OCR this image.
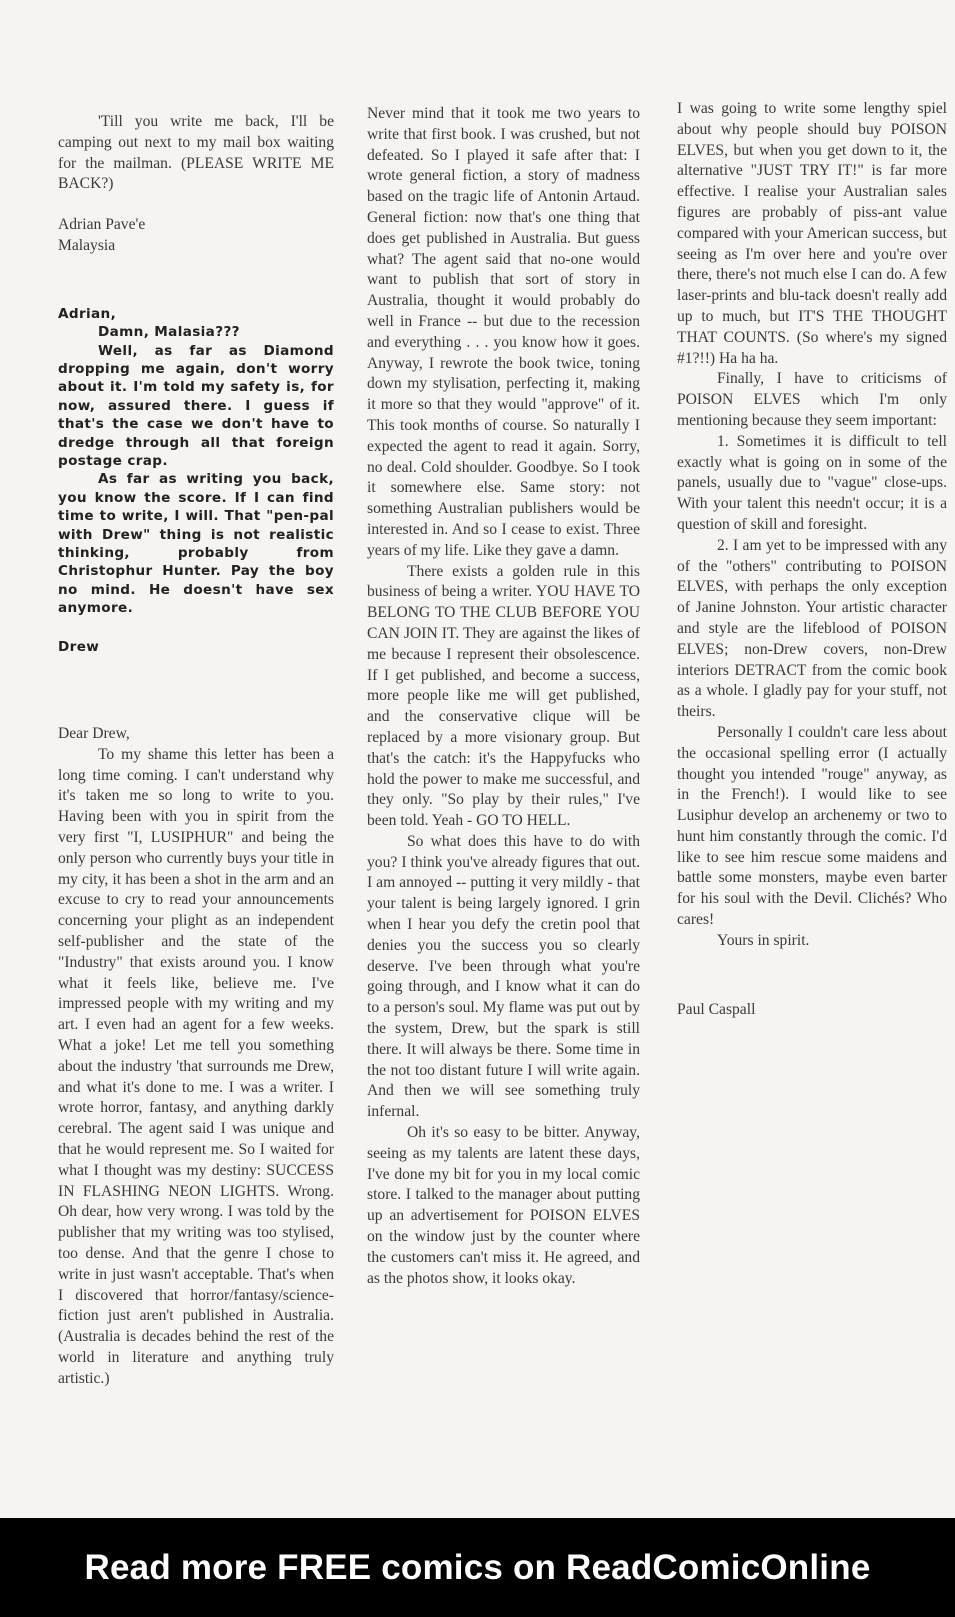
'Till you write me back, I'll be camping out next to my mail box waiting for the mailman. (PLEASE WRITE ME BACK?)

Adrian Pave'e

Malaysia

Adrian,

Damn, Malasia???

Well, as far as Diamond dropping me again, don't worry about it. I'm told my safety is, for now, assured there. I guess if that's the case we don't have to dredge through all that foreign postage crap.

As far as writing you back, you know the score. If I can find time to write, I will. That "pen-pal with Drew" thing is not realistic thinking, probably from Christophur Hunter. Pay the boy no mind. He doesn't have sex anymore.

Drew

Dear Drew,

To my shame this letter has been a long time coming. I can't understand why it's taken me so long to write to you. Having been with you in spirit from the very first "I, LUSIPHUR" and being the only person who currently buys your title in my city, it has been a shot in the arm and an excuse to cry to read your announcements concerning your plight as an independent self-publisher and the state of the "Industry" that exists around you. I know what it feels like, believe me. I've impressed people with my writing and my art. I even had an agent for a few weeks. What a joke! Let me tell you something about the industry 'that surrounds me Drew, and what it's done to me. I was a writer. I wrote horror, fantasy, and anything darkly cerebral. The agent said I was unique and that he would represent me. So I waited for what I thought was my destiny: SUCCESS IN FLASHING NEON LIGHTS. Wrong. Oh dear, how very wrong. I was told by the publisher that my writing was too stylised, too dense. And that the genre I chose to write in just wasn't acceptable. That's when I discovered that horror/fantasy/science-fiction just aren't published in Australia. (Australia is decades behind the rest of the world in literature and anything truly artistic.)

Never mind that it took me two years to write that first book. I was crushed, but not defeated. So I played it safe after that: I wrote general fiction, a story of madness based on the tragic life of Antonin Artaud. General fiction: now that's one thing that does get published in Australia. But guess what? The agent said that no-one would want to publish that sort of story in Australia, thought it would probably do well in France -- but due to the recession and everything . . . you know how it goes. Anyway, I rewrote the book twice, toning down my stylisation, perfecting it, making it more so that they would "approve" of it. This took months of course. So naturally I expected the agent to read it again. Sorry, no deal. Cold shoulder. Goodbye. So I took it somewhere else. Same story: not something Australian publishers would be interested in. And so I cease to exist. Three years of my life. Like they gave a damn.

There exists a golden rule in this business of being a writer. YOU HAVE TO BELONG TO THE CLUB BEFORE YOU CAN JOIN IT. They are against the likes of me because I represent their obsolescence. If I get published, and become a success, more people like me will get published, and the conservative clique will be replaced by a more visionary group. But that's the catch: it's the Happyfucks who hold the power to make me successful, and they only. "So play by their rules," I've been told. Yeah - GO TO HELL.

So what does this have to do with you? I think you've already figures that out. I am annoyed -- putting it very mildly - that your talent is being largely ignored. I grin when I hear you defy the cretin pool that denies you the success you so clearly deserve. I've been through what you're going through, and I know what it can do to a person's soul. My flame was put out by the system, Drew, but the spark is still there. It will always be there. Some time in the not too distant future I will write again. And then we will see something truly infernal.

Oh it's so easy to be bitter. Anyway, seeing as my talents are latent these days, I've done my bit for you in my local comic store. I talked to the manager about putting up an advertisement for POISON ELVES on the window just by the counter where the customers can't miss it. He agreed, and as the photos show, it looks okay.

I was going to write some lengthy spiel about why people should buy POISON ELVES, but when you get down to it, the alternative "JUST TRY IT!" is far more effective. I realise your Australian sales figures are probably of piss-ant value compared with your American success, but seeing as I'm over here and you're over there, there's not much else I can do. A few laser-prints and blu-tack doesn't really add up to much, but IT'S THE THOUGHT THAT COUNTS. (So where's my signed #1?!!) Ha ha ha.

Finally, I have to criticisms of POISON ELVES which I'm only mentioning because they seem important:

1. Sometimes it is difficult to tell exactly what is going on in some of the panels, usually due to "vague" close-ups. With your talent this needn't occur; it is a question of skill and foresight.

2. I am yet to be impressed with any of the "others" contributing to POISON ELVES, with perhaps the only exception of Janine Johnston. Your artistic character and style are the lifeblood of POISON ELVES; non-Drew covers, non-Drew interiors DETRACT from the comic book as a whole. I gladly pay for your stuff, not theirs.

Personally I couldn't care less about the occasional spelling error (I actually thought you intended "rouge" anyway, as in the French!). I would like to see Lusiphur develop an archenemy or two to hunt him constantly through the comic. I'd like to see him rescue some maidens and battle some monsters, maybe even barter for his soul with the Devil. Clichés? Who cares!

Yours in spirit.

Paul Caspall

Read more FREE comics on ReadComicOnline
